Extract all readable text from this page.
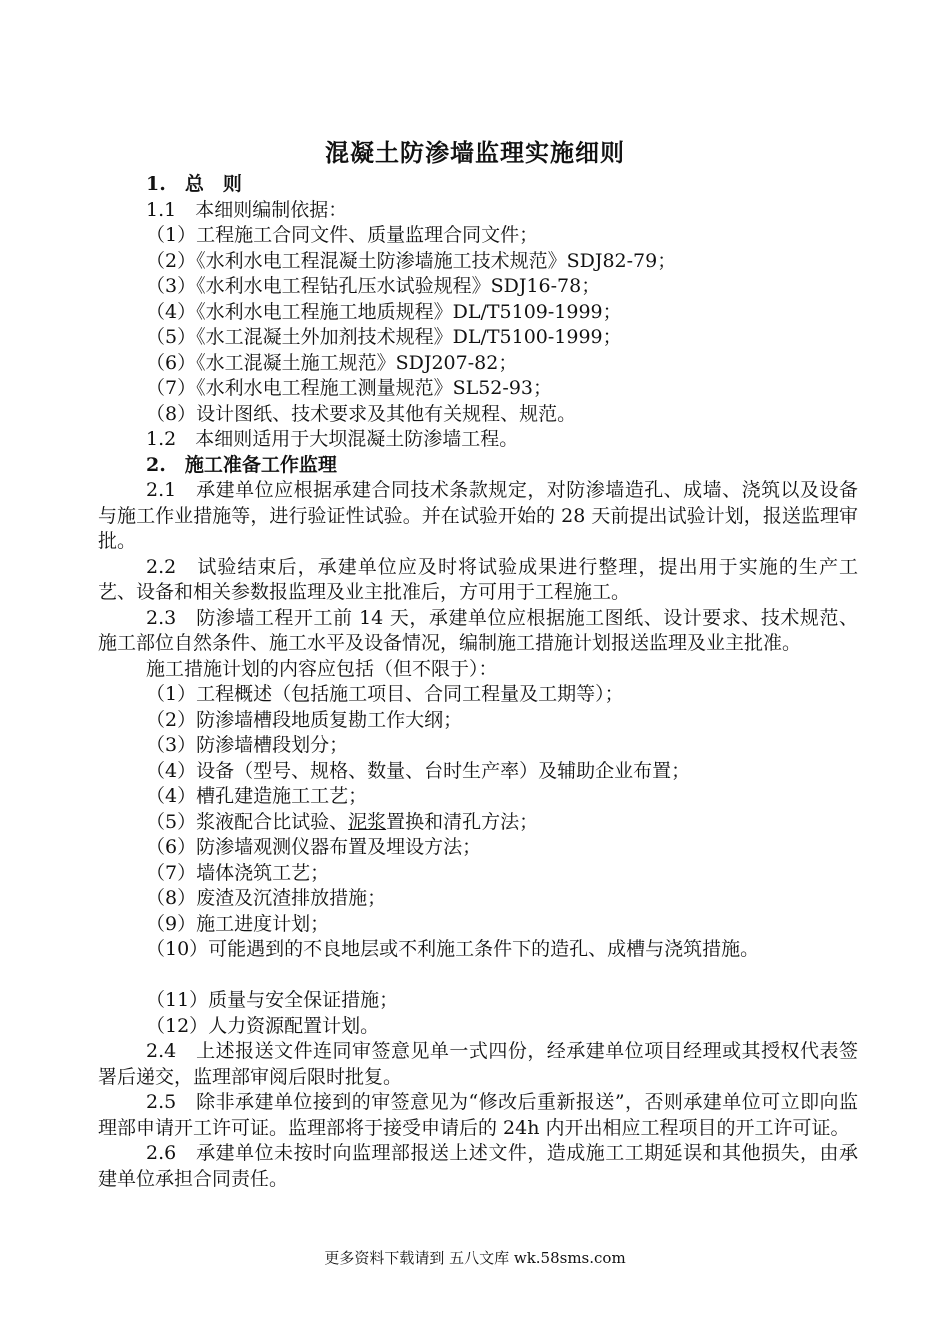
混凝土防渗墙监理实施细则
1.　总　则
1.1　本细则编制依据：
（1）工程施工合同文件、质量监理合同文件；
（2）《水利水电工程混凝土防渗墙施工技术规范》SDJ82-79；
（3）《水利水电工程钻孔压水试验规程》SDJ16-78；
（4）《水利水电工程施工地质规程》DL/T5109-1999；
（5）《水工混凝土外加剂技术规程》DL/T5100-1999；
（6）《水工混凝土施工规范》SDJ207-82；
（7）《水利水电工程施工测量规范》SL52-93；
（8）设计图纸、技术要求及其他有关规程、规范。
1.2　本细则适用于大坝混凝土防渗墙工程。
2.　施工准备工作监理
2.1　承建单位应根据承建合同技术条款规定，对防渗墙造孔、成墙、浇筑以及设备与施工作业措施等，进行验证性试验。并在试验开始的 28 天前提出试验计划，报送监理审批。
2.2　试验结束后，承建单位应及时将试验成果进行整理，提出用于实施的生产工艺、设备和相关参数报监理及业主批准后，方可用于工程施工。
2.3　防渗墙工程开工前 14 天，承建单位应根据施工图纸、设计要求、技术规范、施工部位自然条件、施工水平及设备情况，编制施工措施计划报送监理及业主批准。
施工措施计划的内容应包括（但不限于）：
（1）工程概述（包括施工项目、合同工程量及工期等）；
（2）防渗墙槽段地质复勘工作大纲；
（3）防渗墙槽段划分；
（4）设备（型号、规格、数量、台时生产率）及辅助企业布置；
（4）槽孔建造施工工艺；
（5）浆液配合比试验、泥浆置换和清孔方法；
（6）防渗墙观测仪器布置及埋设方法；
（7）墙体浇筑工艺；
（8）废渣及沉渣排放措施；
（9）施工进度计划；
（10）可能遇到的不良地层或不利施工条件下的造孔、成槽与浇筑措施。
（11）质量与安全保证措施；
（12）人力资源配置计划。
2.4　上述报送文件连同审签意见单一式四份，经承建单位项目经理或其授权代表签署后递交，监理部审阅后限时批复。
2.5　除非承建单位接到的审签意见为“修改后重新报送”，否则承建单位可立即向监理部申请开工许可证。监理部将于接受申请后的 24h 内开出相应工程项目的开工许可证。
2.6　承建单位未按时向监理部报送上述文件，造成施工工期延误和其他损失，由承建单位承担合同责任。
更多资料下载请到 五八文库 wk.58sms.com
